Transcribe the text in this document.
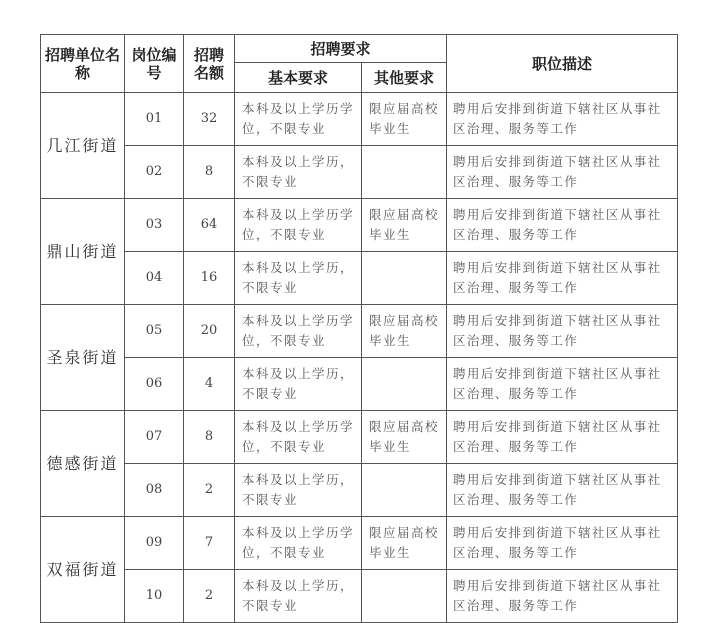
招聘单位名称	岗位编号	招聘名额	招聘要求		职位描述
			基本要求	其他要求	
几江街道	01	32	本科及以上学历学位，不限专业	限应届高校毕业生	聘用后安排到街道下辖社区从事社区治理、服务等工作
	02	8	本科及以上学历，不限专业		聘用后安排到街道下辖社区从事社区治理、服务等工作
鼎山街道	03	64	本科及以上学历学位，不限专业	限应届高校毕业生	聘用后安排到街道下辖社区从事社区治理、服务等工作
	04	16	本科及以上学历，不限专业		聘用后安排到街道下辖社区从事社区治理、服务等工作
圣泉街道	05	20	本科及以上学历学位，不限专业	限应届高校毕业生	聘用后安排到街道下辖社区从事社区治理、服务等工作
	06	4	本科及以上学历，不限专业		聘用后安排到街道下辖社区从事社区治理、服务等工作
德感街道	07	8	本科及以上学历学位，不限专业	限应届高校毕业生	聘用后安排到街道下辖社区从事社区治理、服务等工作
	08	2	本科及以上学历，不限专业		聘用后安排到街道下辖社区从事社区治理、服务等工作
双福街道	09	7	本科及以上学历学位，不限专业	限应届高校毕业生	聘用后安排到街道下辖社区从事社区治理、服务等工作
	10	2	本科及以上学历，不限专业		聘用后安排到街道下辖社区从事社区治理、服务等工作
